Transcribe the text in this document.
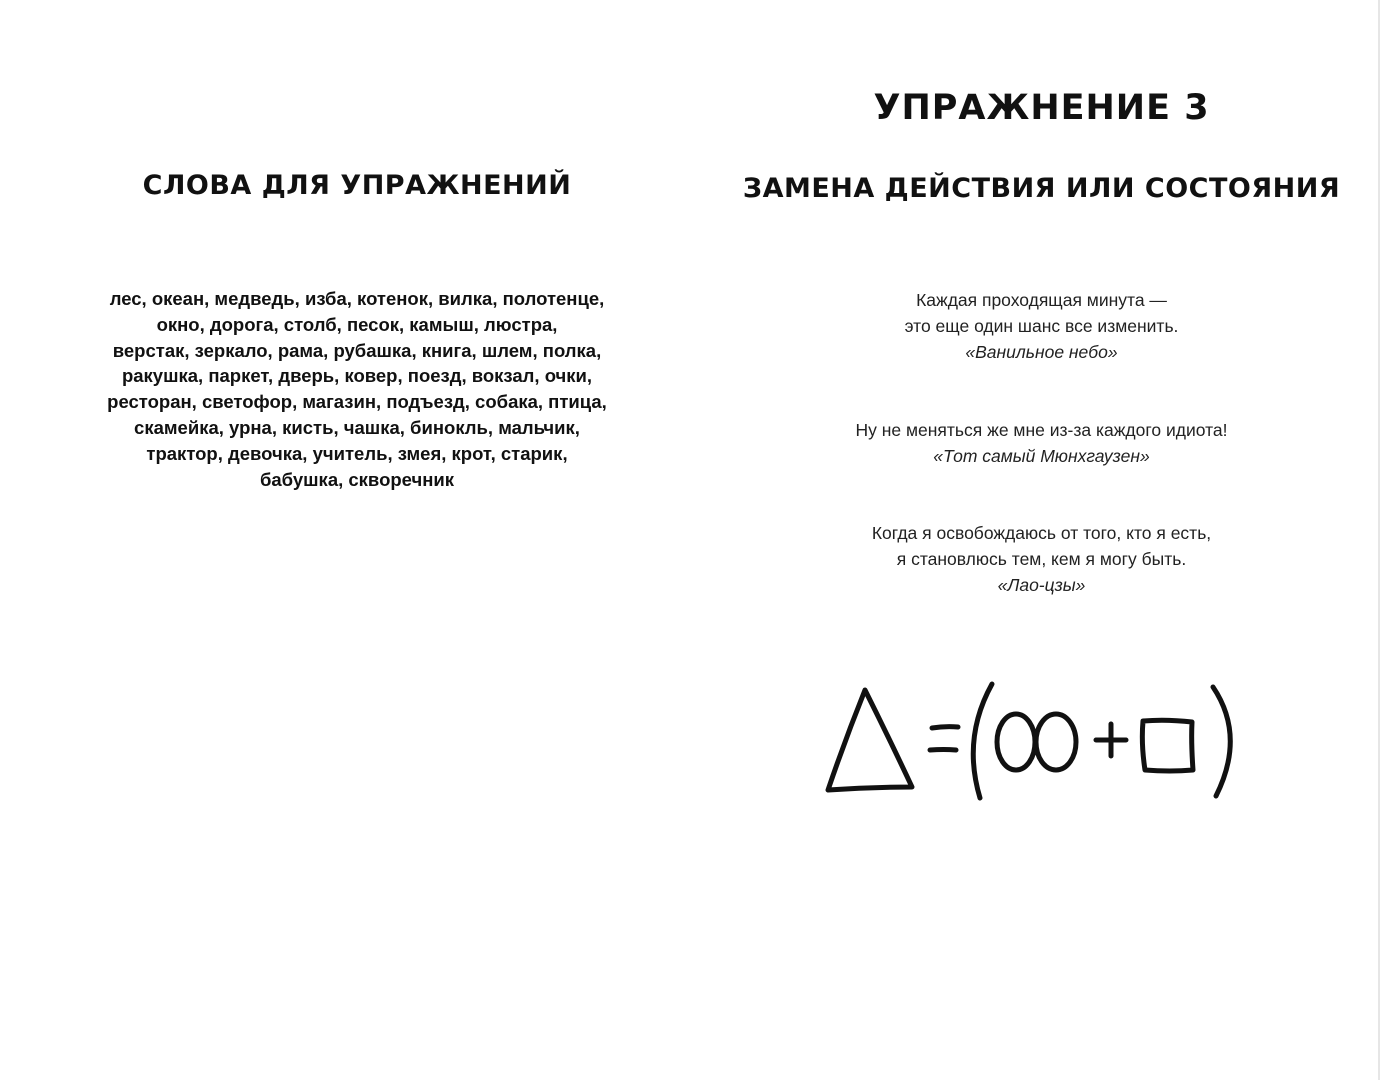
СЛОВА ДЛЯ УПРАЖНЕНИЙ

лес, океан, медведь, изба, котенок, вилка, полотенце,
окно, дорога, столб, песок, камыш, люстра,
верстак, зеркало, рама, рубашка, книга, шлем, полка,
ракушка, паркет, дверь, ковер, поезд, вокзал, очки,
ресторан, светофор, магазин, подъезд, собака, птица,
скамейка, урна, кисть, чашка, бинокль, мальчик,
трактор, девочка, учитель, змея, крот, старик,
бабушка, скворечник

УПРАЖНЕНИЕ 3
ЗАМЕНА ДЕЙСТВИЯ ИЛИ СОСТОЯНИЯ
Каждая проходящая минута —
это еще один шанс все изменить.
«Ванильное небо»
Ну не меняться же мне из-за каждого идиота!
«Тот самый Мюнхгаузен»
Когда я освобождаюсь от того, кто я есть,
я становлюсь тем, кем я могу быть.
«Лао-цзы»
